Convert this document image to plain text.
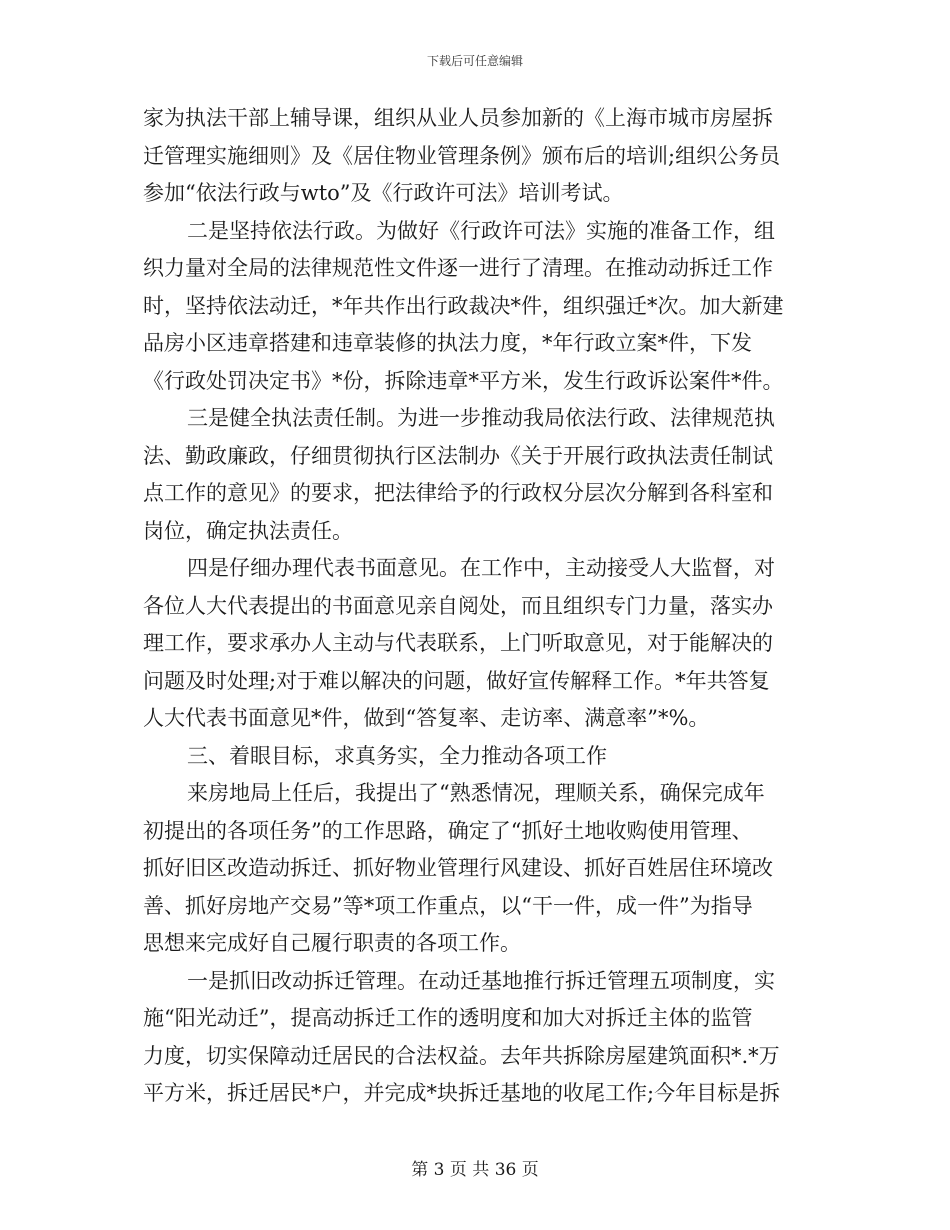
下载后可任意编辑
家为执法干部上辅导课，组织从业人员参加新的《上海市城市房屋拆
迁管理实施细则》及《居住物业管理条例》颁布后的培训;组织公务员
参加“依法行政与wto”及《行政许可法》培训考试。
二是坚持依法行政。为做好《行政许可法》实施的准备工作，组
织力量对全局的法律规范性文件逐一进行了清理。在推动动拆迁工作
时，坚持依法动迁，*年共作出行政裁决*件，组织强迁*次。加大新建
品房小区违章搭建和违章装修的执法力度，*年行政立案*件，下发
《行政处罚决定书》*份，拆除违章*平方米，发生行政诉讼案件*件。
三是健全执法责任制。为进一步推动我局依法行政、法律规范执
法、勤政廉政，仔细贯彻执行区法制办《关于开展行政执法责任制试
点工作的意见》的要求，把法律给予的行政权分层次分解到各科室和
岗位，确定执法责任。
四是仔细办理代表书面意见。在工作中，主动接受人大监督，对
各位人大代表提出的书面意见亲自阅处，而且组织专门力量，落实办
理工作，要求承办人主动与代表联系，上门听取意见，对于能解决的
问题及时处理;对于难以解决的问题，做好宣传解释工作。*年共答复
人大代表书面意见*件，做到“答复率、走访率、满意率”*%。
三、着眼目标，求真务实，全力推动各项工作
来房地局上任后，我提出了“熟悉情况，理顺关系，确保完成年
初提出的各项任务”的工作思路，确定了“抓好土地收购使用管理、
抓好旧区改造动拆迁、抓好物业管理行风建设、抓好百姓居住环境改
善、抓好房地产交易”等*项工作重点，以“干一件，成一件”为指导
思想来完成好自己履行职责的各项工作。
一是抓旧改动拆迁管理。在动迁基地推行拆迁管理五项制度，实
施“阳光动迁”，提高动拆迁工作的透明度和加大对拆迁主体的监管
力度，切实保障动迁居民的合法权益。去年共拆除房屋建筑面积*.*万
平方米，拆迁居民*户，并完成*块拆迁基地的收尾工作;今年目标是拆
第 3 页 共 36 页
